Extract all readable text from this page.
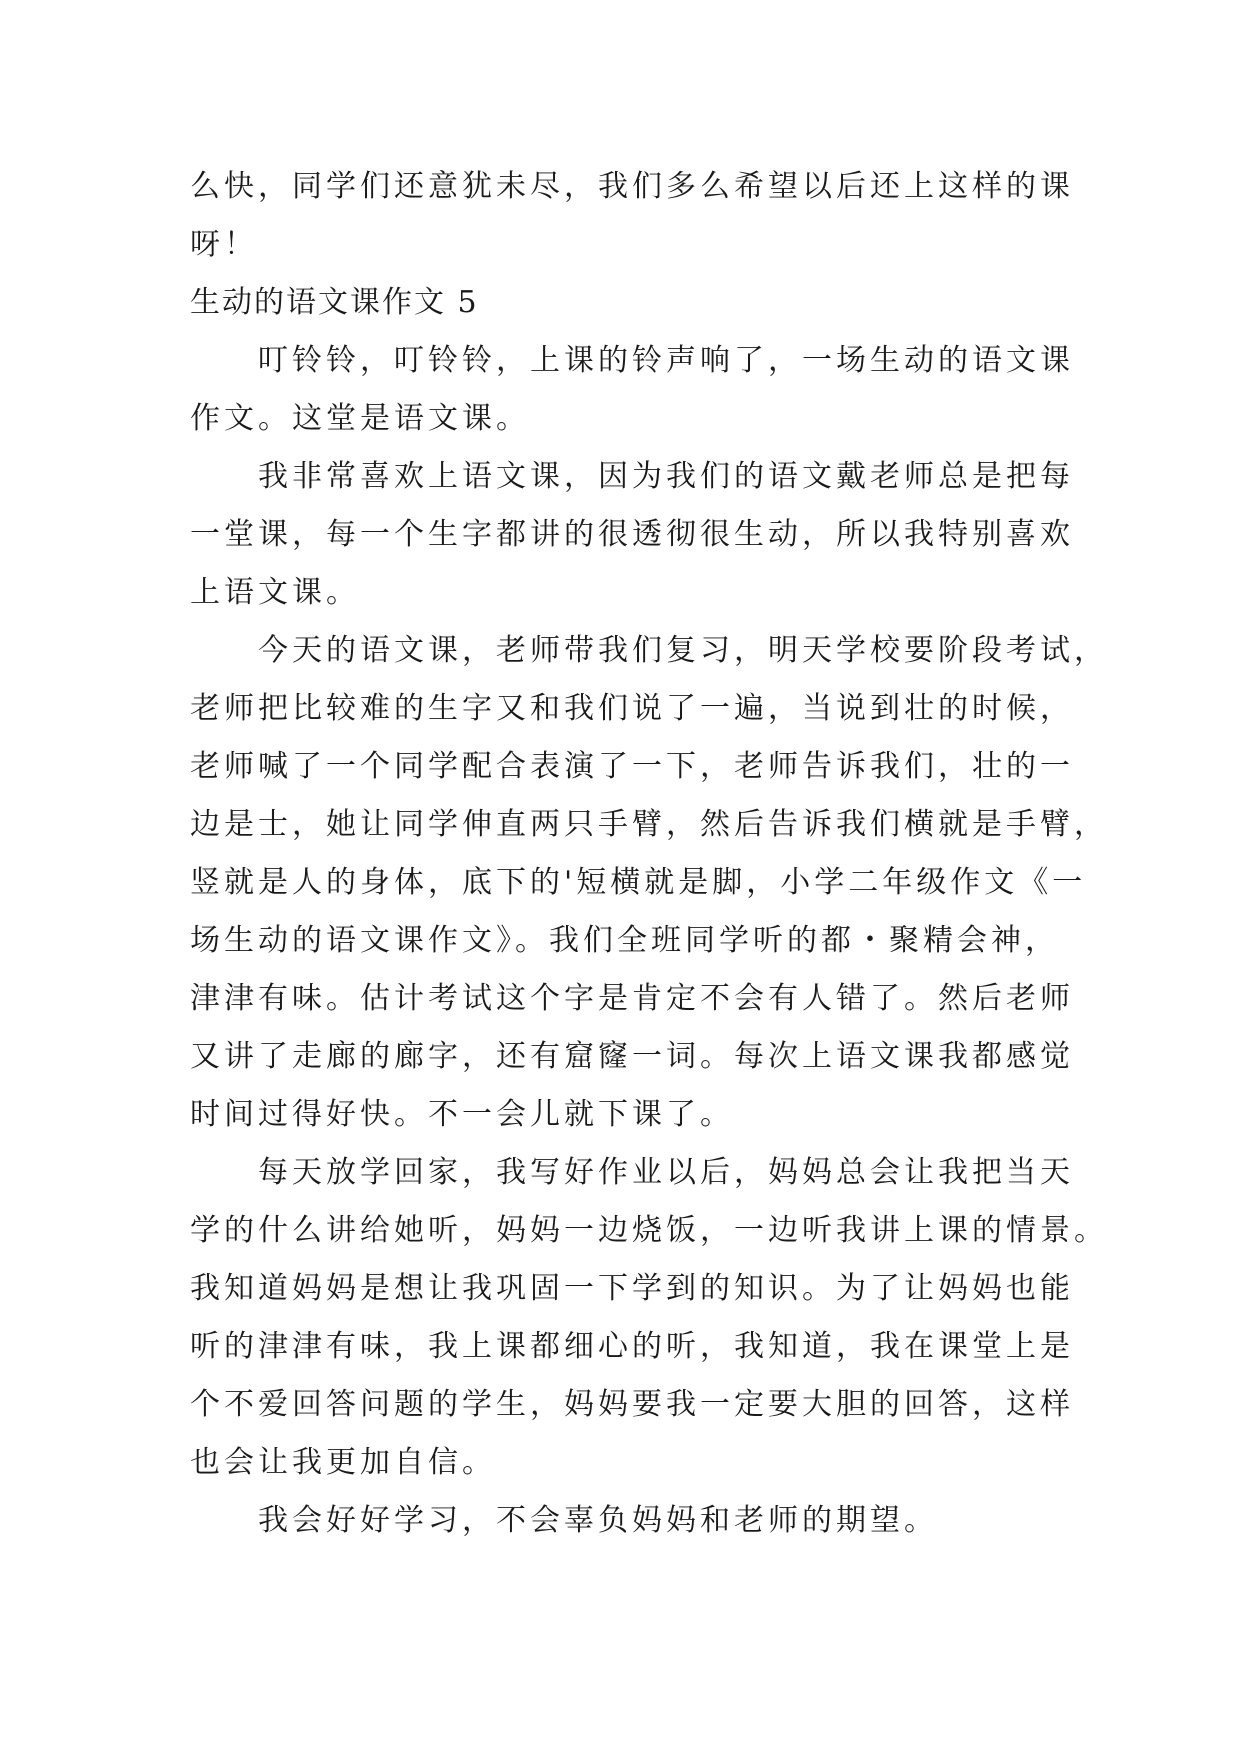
么快，同学们还意犹未尽，我们多么希望以后还上这样的课
呀！
生动的语文课作文 5
叮铃铃，叮铃铃，上课的铃声响了，一场生动的语文课
作文。这堂是语文课。
我非常喜欢上语文课，因为我们的语文戴老师总是把每
一堂课，每一个生字都讲的很透彻很生动，所以我特别喜欢
上语文课。
今天的语文课，老师带我们复习，明天学校要阶段考试，
老师把比较难的生字又和我们说了一遍，当说到壮的时候，
老师喊了一个同学配合表演了一下，老师告诉我们，壮的一
边是士，她让同学伸直两只手臂，然后告诉我们横就是手臂，
竖就是人的身体，底下的'短横就是脚，小学二年级作文《一
场生动的语文课作文》。我们全班同学听的都・聚精会神，
津津有味。估计考试这个字是肯定不会有人错了。然后老师
又讲了走廊的廊字，还有窟窿一词。每次上语文课我都感觉
时间过得好快。不一会儿就下课了。
每天放学回家，我写好作业以后，妈妈总会让我把当天
学的什么讲给她听，妈妈一边烧饭，一边听我讲上课的情景。
我知道妈妈是想让我巩固一下学到的知识。为了让妈妈也能
听的津津有味，我上课都细心的听，我知道，我在课堂上是
个不爱回答问题的学生，妈妈要我一定要大胆的回答，这样
也会让我更加自信。
我会好好学习，不会辜负妈妈和老师的期望。
